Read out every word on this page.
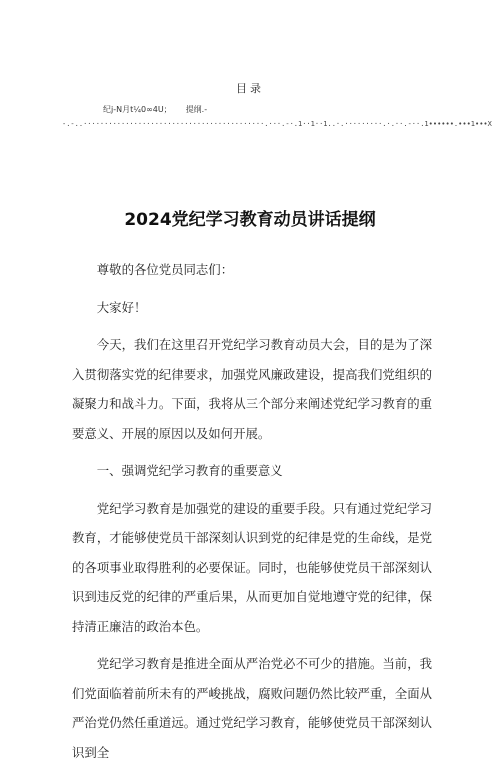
目录
纪j-N月t¼0∞4U； 提纲.-
-.-..···········································.···.-·.1··1··1..·.·········.·.··.-··.1••••••.•••1•••X
2024党纪学习教育动员讲话提纲

尊敬的各位党员同志们：

大家好！

今天，我们在这里召开党纪学习教育动员大会，目的是为了深入贯彻落实党的纪律要求，加强党风廉政建设，提高我们党组织的凝聚力和战斗力。下面，我将从三个部分来阐述党纪学习教育的重要意义、开展的原因以及如何开展。

一、强调党纪学习教育的重要意义

党纪学习教育是加强党的建设的重要手段。只有通过党纪学习教育，才能够使党员干部深刻认识到党的纪律是党的生命线，是党的各项事业取得胜利的必要保证。同时，也能够使党员干部深刻认识到违反党的纪律的严重后果，从而更加自觉地遵守党的纪律，保持清正廉洁的政治本色。

党纪学习教育是推进全面从严治党必不可少的措施。当前，我们党面临着前所未有的严峻挑战，腐败问题仍然比较严重，全面从严治党仍然任重道远。通过党纪学习教育，能够使党员干部深刻认识到全
